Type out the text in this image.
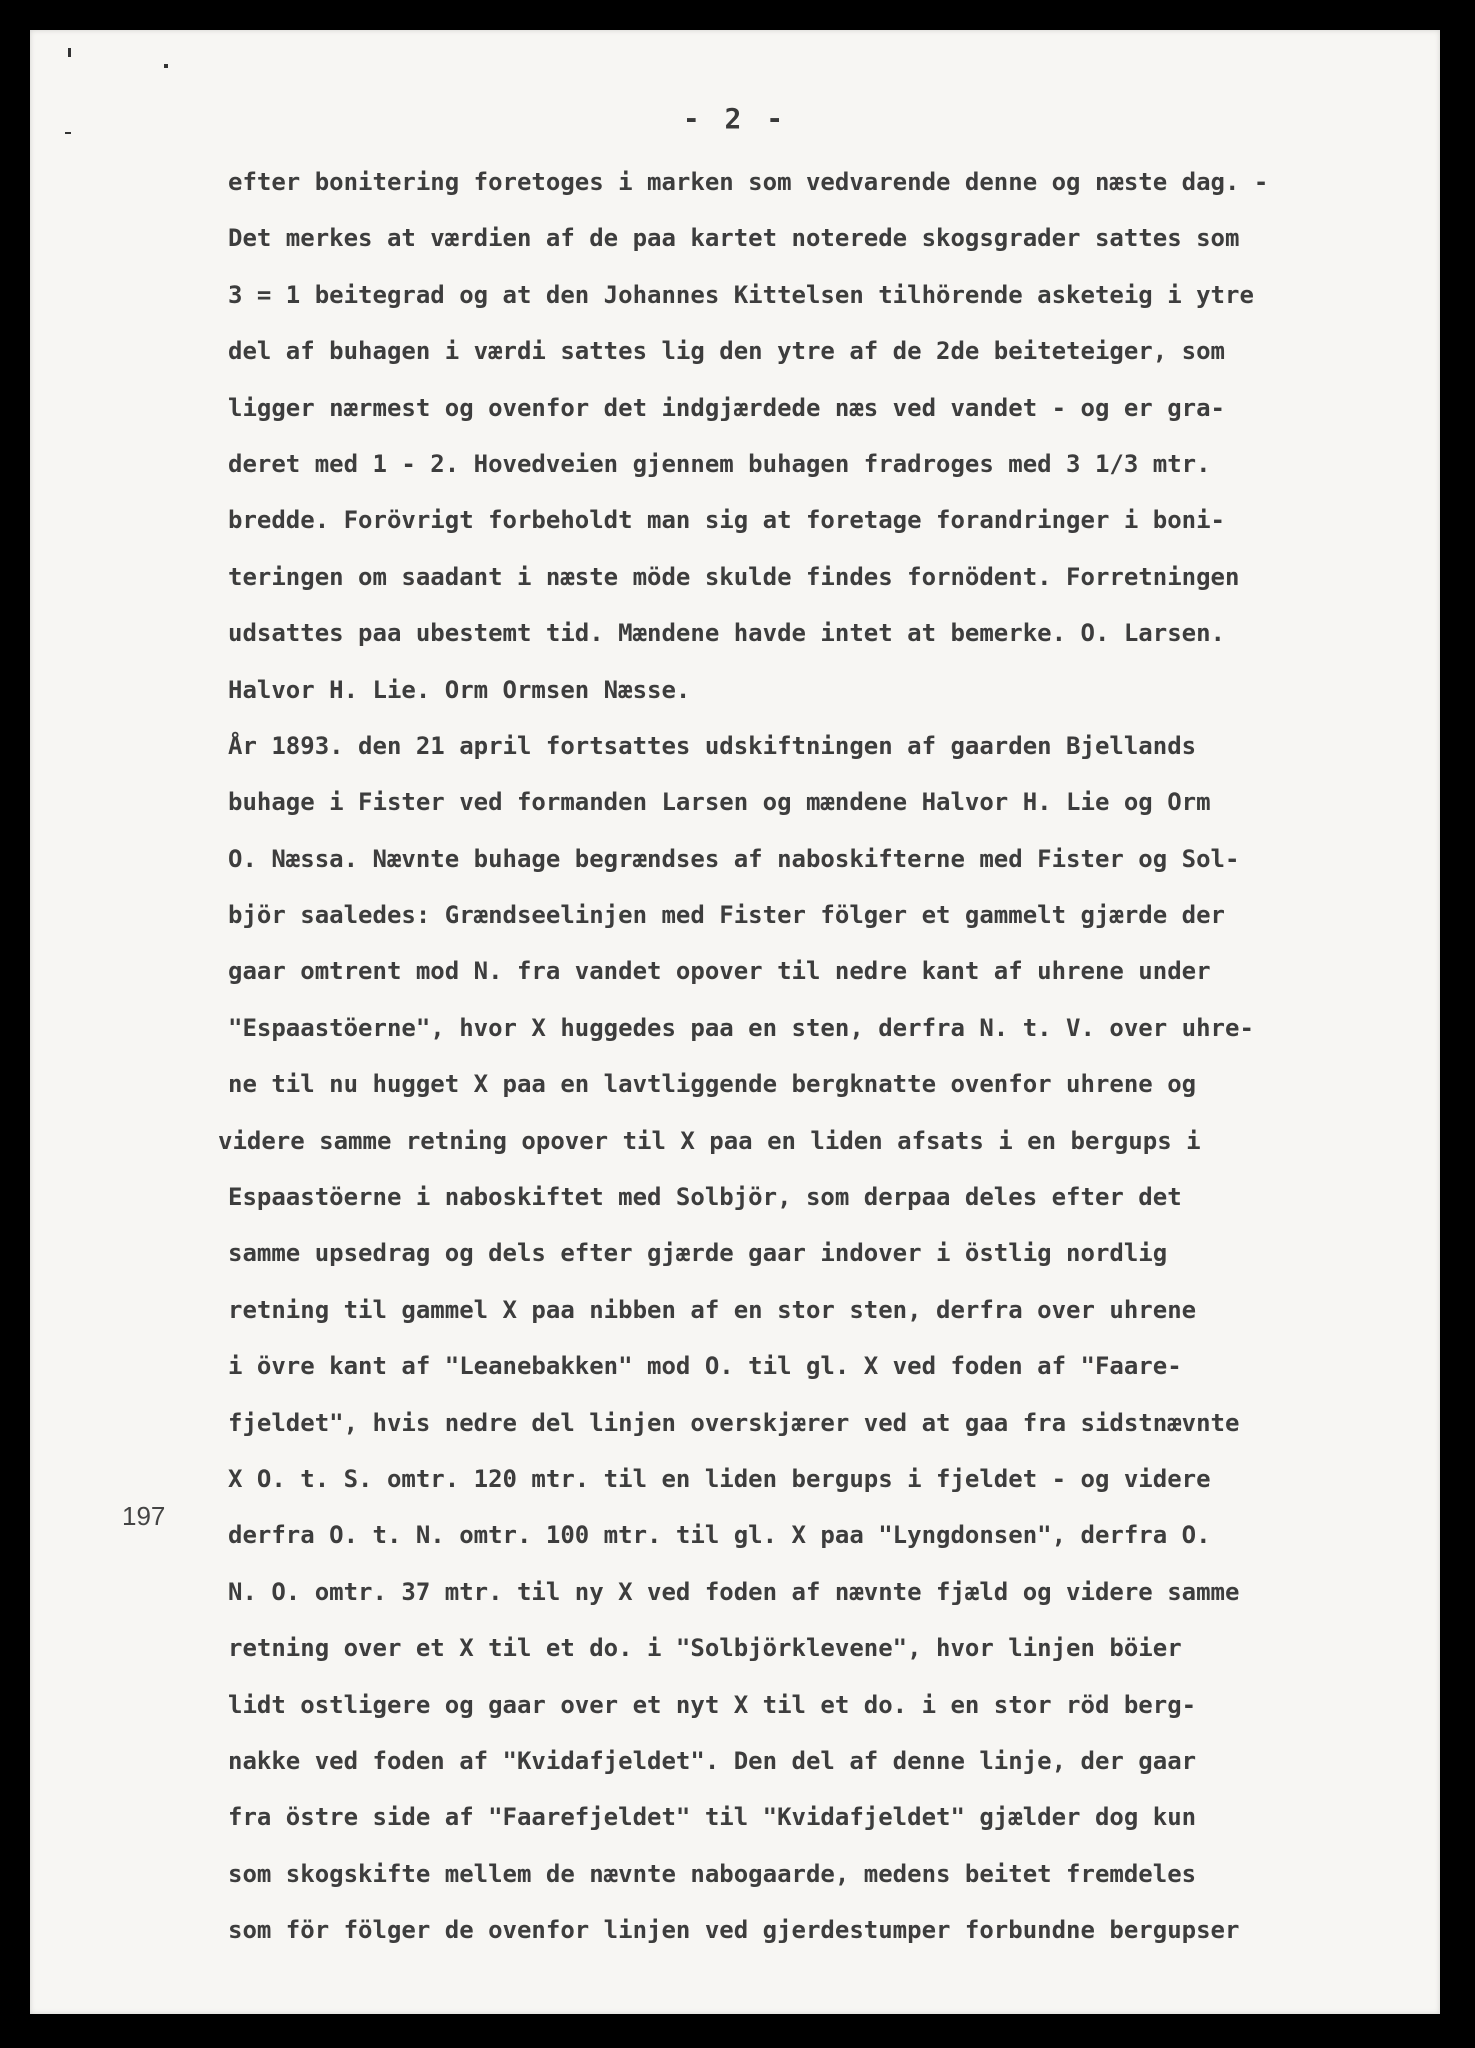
- 2 -
efter bonitering foretoges i marken som vedvarende denne og næste dag. -
Det merkes at værdien af de paa kartet noterede skogsgrader sattes som
3 = 1 beitegrad og at den Johannes Kittelsen tilhörende asketeig i ytre
del af buhagen i værdi sattes lig den ytre af de 2de beiteteiger, som
ligger nærmest og ovenfor det indgjærdede næs ved vandet - og er gra-
deret med 1 - 2. Hovedveien gjennem buhagen fradroges med 3 1/3 mtr.
bredde. Forövrigt forbeholdt man sig at foretage forandringer i boni-
teringen om saadant i næste möde skulde findes fornödent. Forretningen
udsattes paa ubestemt tid. Mændene havde intet at bemerke. O. Larsen.
Halvor H. Lie. Orm Ormsen Næsse.
År 1893. den 21 april fortsattes udskiftningen af gaarden Bjellands
buhage i Fister ved formanden Larsen og mændene Halvor H. Lie og Orm
O. Næssa. Nævnte buhage begrændses af naboskifterne med Fister og Sol-
björ saaledes: Grændseelinjen med Fister fölger et gammelt gjærde der
gaar omtrent mod N. fra vandet opover til nedre kant af uhrene under
"Espaastöerne", hvor X huggedes paa en sten, derfra N. t. V. over uhre-
ne til nu hugget X paa en lavtliggende bergknatte ovenfor uhrene og
videre samme retning opover til X paa en liden afsats i en bergups i
Espaastöerne i naboskiftet med Solbjör, som derpaa deles efter det
samme upsedrag og dels efter gjærde gaar indover i östlig nordlig
retning til gammel X paa nibben af en stor sten, derfra over uhrene
i övre kant af "Leanebakken" mod O. til gl. X ved foden af "Faare-
fjeldet", hvis nedre del linjen overskjærer ved at gaa fra sidstnævnte
X O. t. S. omtr. 120 mtr. til en liden bergups i fjeldet - og videre
derfra O. t. N. omtr. 100 mtr. til gl. X paa "Lyngdonsen", derfra O.
N. O. omtr. 37 mtr. til ny X ved foden af nævnte fjæld og videre samme
retning over et X til et do. i "Solbjörklevene", hvor linjen böier
lidt ostligere og gaar over et nyt X til et do. i en stor röd berg-
nakke ved foden af "Kvidafjeldet". Den del af denne linje, der gaar
fra östre side af "Faarefjeldet" til "Kvidafjeldet" gjælder dog kun
som skogskifte mellem de nævnte nabogaarde, medens beitet fremdeles
som för fölger de ovenfor linjen ved gjerdestumper forbundne bergupser
197
